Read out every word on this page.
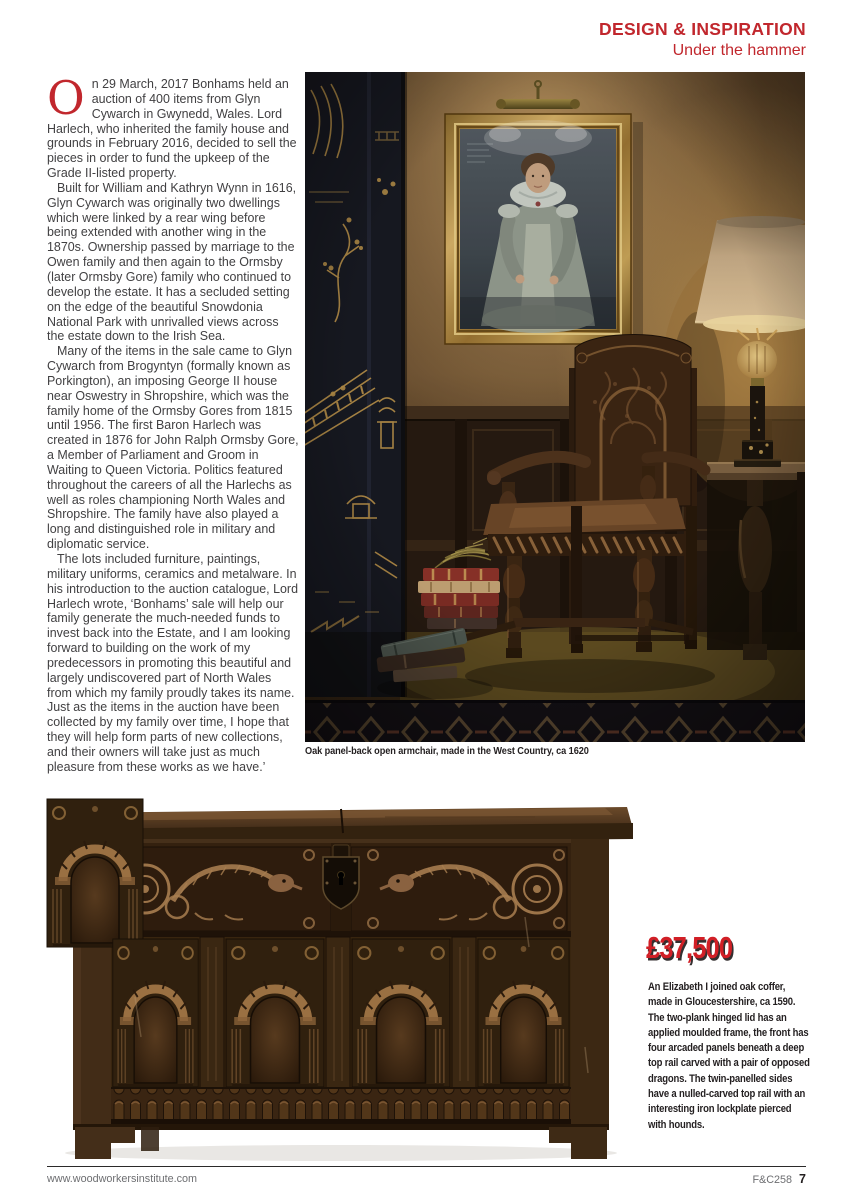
DESIGN & INSPIRATION
Under the hammer

On 29 March, 2017 Bonhams held an auction of 400 items from Glyn Cywarch in Gwynedd, Wales. Lord Harlech, who inherited the family house and grounds in February 2016, decided to sell the pieces in order to fund the upkeep of the Grade II-listed property.

Built for William and Kathryn Wynn in 1616, Glyn Cywarch was originally two dwellings which were linked by a rear wing before being extended with another wing in the 1870s. Ownership passed by marriage to the Owen family and then again to the Ormsby (later Ormsby Gore) family who continued to develop the estate. It has a secluded setting on the edge of the beautiful Snowdonia National Park with unrivalled views across the estate down to the Irish Sea.

Many of the items in the sale came to Glyn Cywarch from Brogyntyn (formally known as Porkington), an imposing George II house near Oswestry in Shropshire, which was the family home of the Ormsby Gores from 1815 until 1956. The first Baron Harlech was created in 1876 for John Ralph Ormsby Gore, a Member of Parliament and Groom in Waiting to Queen Victoria. Politics featured throughout the careers of all the Harlechs as well as roles championing North Wales and Shropshire. The family have also played a long and distinguished role in military and diplomatic service.

The lots included furniture, paintings, military uniforms, ceramics and metalware. In his introduction to the auction catalogue, Lord Harlech wrote, ‘Bonhams’ sale will help our family generate the much-needed funds to invest back into the Estate, and I am looking forward to building on the work of my predecessors in promoting this beautiful and largely undiscovered part of North Wales from which my family proudly takes its name. Just as the items in the auction have been collected by my family over time, I hope that they will help form parts of new collections, and their owners will take just as much pleasure from these works as we have.’

Oak panel-back open armchair, made in the West Country, ca 1620
£37,500
An Elizabeth I joined oak coffer, made in Gloucestershire, ca 1590. The two-plank hinged lid has an applied moulded frame, the front has four arcaded panels beneath a deep top rail carved with a pair of opposed dragons. The twin-panelled sides have a nulled-carved top rail with an interesting iron lockplate pierced with hounds.
www.woodworkersinstitute.com	F&C258 7
